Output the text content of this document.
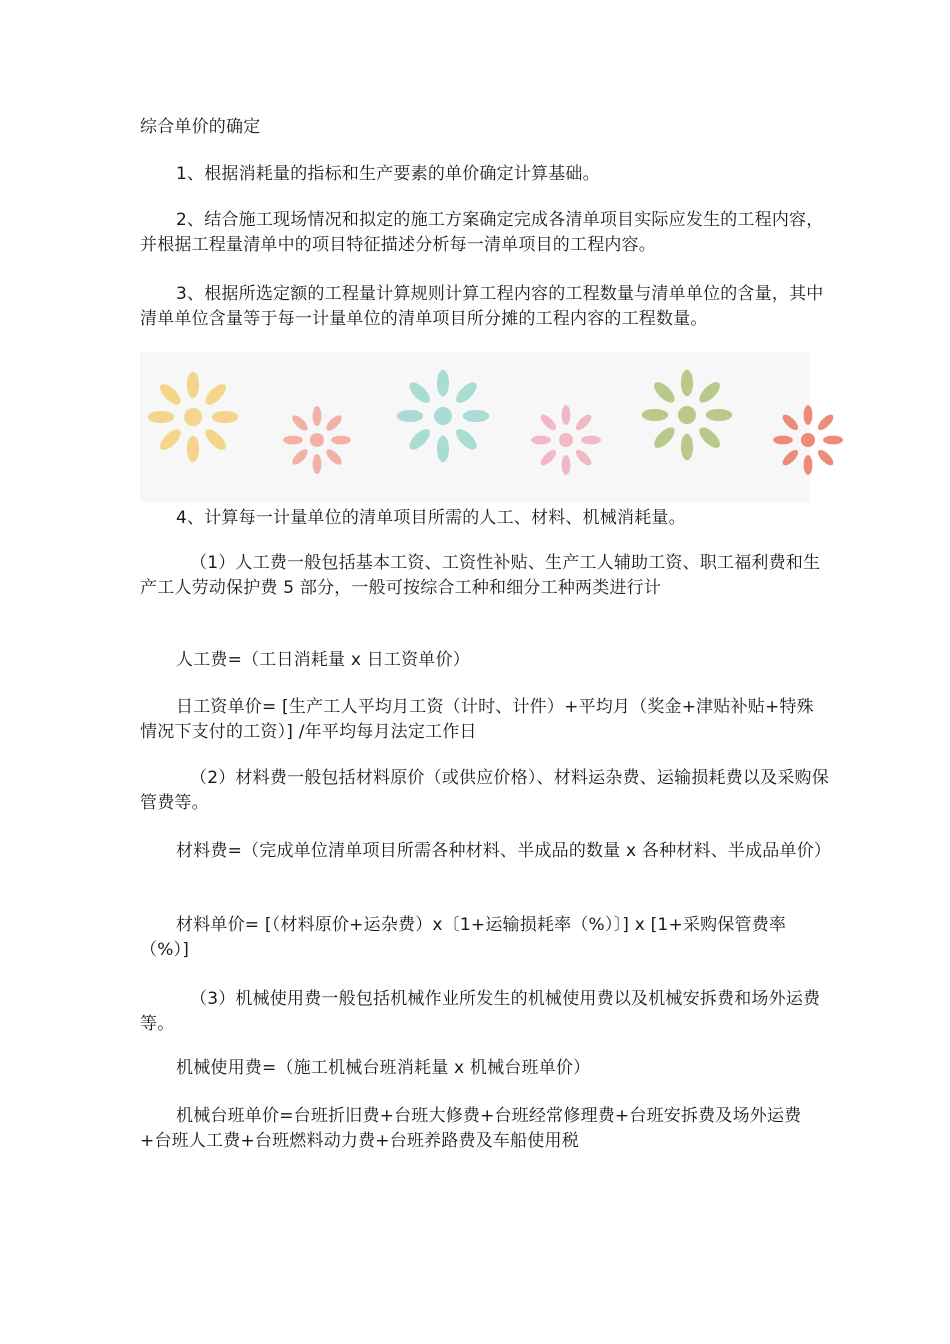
综合单价的确定

1、根据消耗量的指标和生产要素的单价确定计算基础。

2、结合施工现场情况和拟定的施工方案确定完成各清单项目实际应发生的工程内容，并根据工程量清单中的项目特征描述分析每一清单项目的工程内容。

3、根据所选定额的工程量计算规则计算工程内容的工程数量与清单单位的含量，其中清单单位含量等于每一计量单位的清单项目所分摊的工程内容的工程数量。

4、计算每一计量单位的清单项目所需的人工、材料、机械消耗量。

（1）人工费一般包括基本工资、工资性补贴、生产工人辅助工资、职工福利费和生产工人劳动保护费 5 部分，一般可按综合工种和细分工种两类进行计

人工费=（工日消耗量 x 日工资单价）

日工资单价= [生产工人平均月工资（计时、计件）+平均月（奖金+津贴补贴+特殊情况下支付的工资）] /年平均每月法定工作日

（2）材料费一般包括材料原价（或供应价格）、材料运杂费、运输损耗费以及采购保管费等。

材料费=（完成单位清单项目所需各种材料、半成品的数量 x 各种材料、半成品单价）

材料单价= [（材料原价+运杂费）x〔1+运输损耗率（%）〕] x [1+采购保管费率（%）]

（3）机械使用费一般包括机械作业所发生的机械使用费以及机械安拆费和场外运费等。

机械使用费=（施工机械台班消耗量 x 机械台班单价）

机械台班单价=台班折旧费+台班大修费+台班经常修理费+台班安拆费及场外运费+台班人工费+台班燃料动力费+台班养路费及车船使用税
